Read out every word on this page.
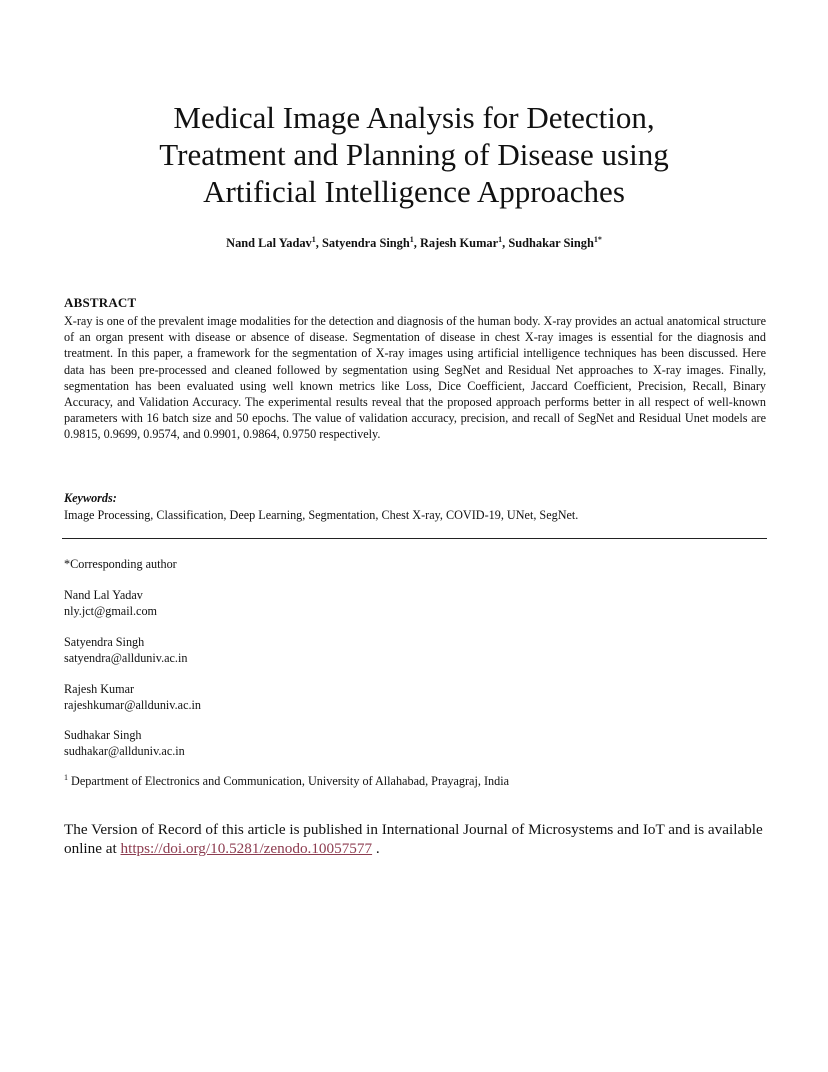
Medical Image Analysis for Detection,
Treatment and Planning of Disease using
Artificial Intelligence Approaches
Nand Lal Yadav$^1$, Satyendra Singh$^1$, Rajesh Kumar$^1$, Sudhakar Singh$^{1*}$
ABSTRACT
X-ray is one of the prevalent image modalities for the detection and diagnosis of the human body. X-ray provides an actual anatomical structure of an organ present with disease or absence of disease. Segmentation of disease in chest X-ray images is essential for the diagnosis and treatment. In this paper, a framework for the segmentation of X-ray images using artificial intelligence techniques has been discussed. Here data has been pre-processed and cleaned followed by segmentation using SegNet and Residual Net approaches to X-ray images. Finally, segmentation has been evaluated using well known metrics like Loss, Dice Coefficient, Jaccard Coefficient, Precision, Recall, Binary Accuracy, and Validation Accuracy. The experimental results reveal that the proposed approach performs better in all respect of well-known parameters with 16 batch size and 50 epochs. The value of validation accuracy, precision, and recall of SegNet and Residual Unet models are 0.9815, 0.9699, 0.9574, and 0.9901, 0.9864, 0.9750 respectively.
Keywords:
Image Processing, Classification, Deep Learning, Segmentation, Chest X-ray, COVID-19, UNet, SegNet.
*Corresponding author
Nand Lal Yadav
nly.jct@gmail.com
Satyendra Singh
satyendra@allduniv.ac.in
Rajesh Kumar
rajeshkumar@allduniv.ac.in
Sudhakar Singh
sudhakar@allduniv.ac.in
$^1$ Department of Electronics and Communication, University of Allahabad, Prayagraj, India
The Version of Record of this article is published in International Journal of Microsystems and IoT and is available online at https://doi.org/10.5281/zenodo.10057577 .
